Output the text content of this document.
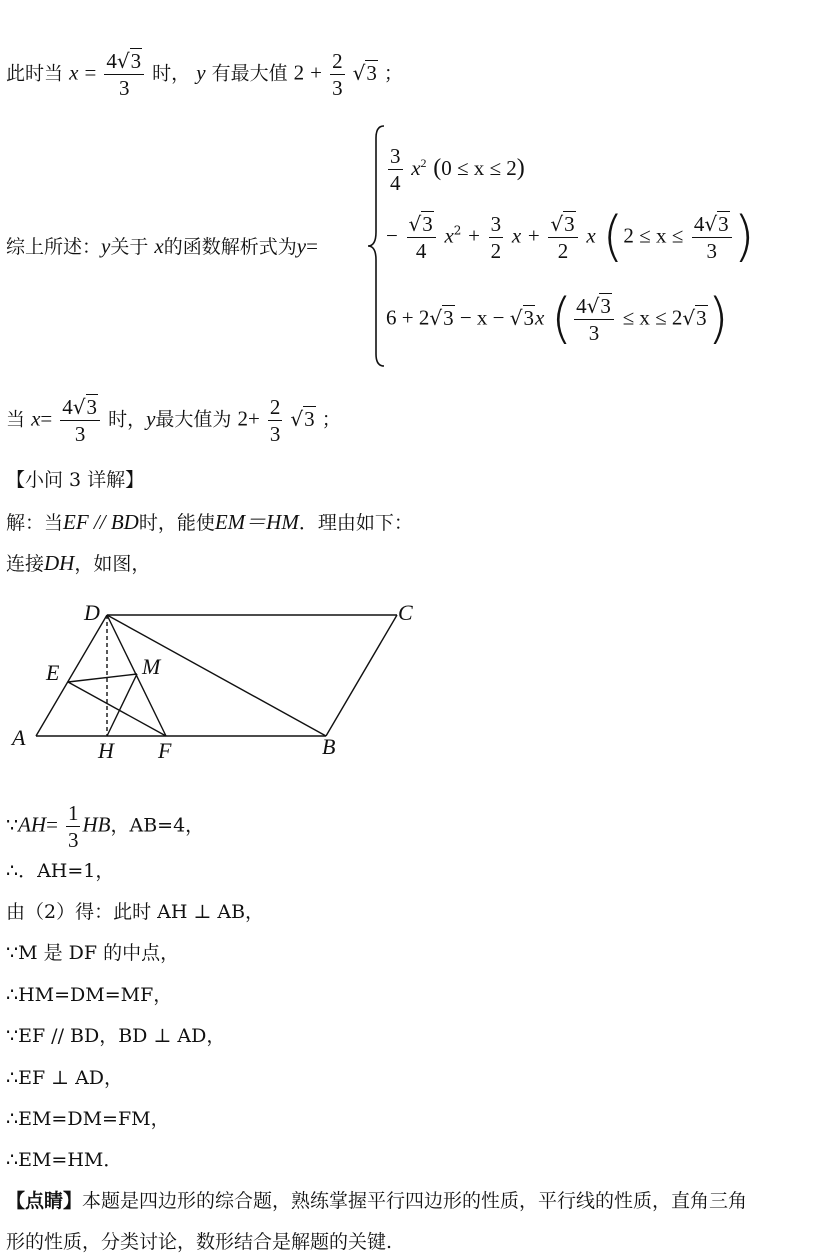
此时当 $x = \frac{4√3}{3}$ 时， y 有最大值 $2 + \frac{2}{3} √3$ ；
综上所述：y关于 x的函数解析式为y=
$\frac{3}{4} x^2$ (0 ≤ x ≤ 2)
− $\frac{√3}{4} x^2 + \frac{3}{2}$ $x + \frac{√3}{2}$ x ($2 \le x \le \frac{4√3}{3}$ )
6 + 2√3 − x − √3x ( $\frac{4√3}{3} \le x \le 2√3$)
当 $x= \frac{4√3}{3}$ 时，y最大值为 $2+ \frac{2}{3} √3$ ；
【小问 3 详解】
解：当EF // BD时，能使EM＝HM．理由如下：
连接DH，如图，
D	C
E	M
A
H F	B
∵AH= $\frac{1}{3}$ HB，AB=4，
∴．AH=1，
由（2）得：此时 AH ⊥ AB，
∵M 是 DF 的中点，
∴HM=DM=MF，
∵EF // BD，BD ⊥ AD，
∴EF ⊥ AD，
∴EM=DM=FM，
∴EM=HM．
【点睛】本题是四边形的综合题，熟练掌握平行四边形的性质，平行线的性质，直角三角
形的性质，分类讨论，数形结合是解题的关键.
